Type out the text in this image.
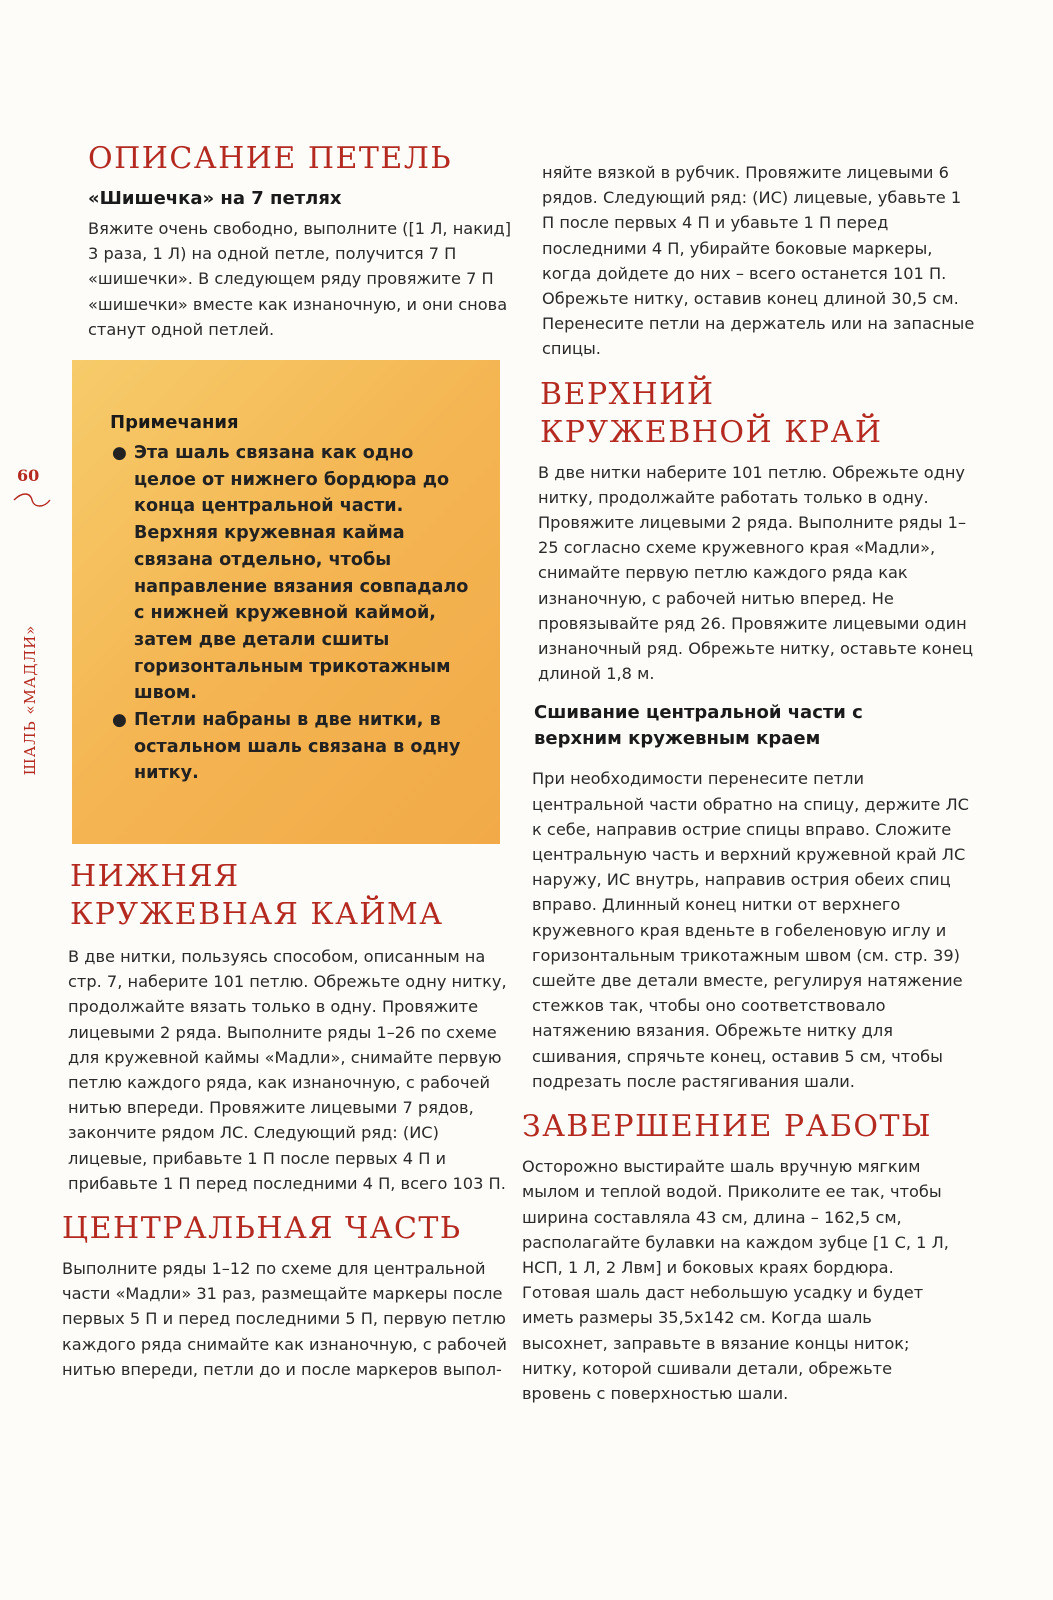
60
ШАЛЬ «МАДЛИ»
ОПИСАНИЕ ПЕТЕЛЬ
«Шишечка» на 7 петлях

Вяжите очень свободно, выполните ([1 Л, накид] 3 раза, 1 Л) на одной петле, получится 7 П «шишечки». В следующем ряду провяжите 7 П «шишечки» вместе как изнаночную, и они снова станут одной петлей.

Примечания
● Эта шаль связана как одно целое от нижнего бордюра до конца центральной части. Верхняя кружевная кайма связана отдельно, чтобы направление вязания совпадало с нижней кружевной каймой, затем две детали сшиты горизонтальным трикотажным швом.
● Петли набраны в две нитки, в остальном шаль связана в одну нитку.
НИЖНЯЯ КРУЖЕВНАЯ КАЙМА

В две нитки, пользуясь способом, описанным на стр. 7, наберите 101 петлю. Обрежьте одну нитку, продолжайте вязать только в одну. Провяжите лицевыми 2 ряда. Выполните ряды 1–26 по схеме для кружевной каймы «Мадли», снимайте первую петлю каждого ряда, как изнаночную, с рабочей нитью впереди. Провяжите лицевыми 7 рядов, закончите рядом ЛС. Следующий ряд: (ИС) лицевые, прибавьте 1 П после первых 4 П и прибавьте 1 П перед последними 4 П, всего 103 П.

ЦЕНТРАЛЬНАЯ ЧАСТЬ

Выполните ряды 1–12 по схеме для центральной части «Мадли» 31 раз, размещайте маркеры после первых 5 П и перед последними 5 П, первую петлю каждого ряда снимайте как изнаночную, с рабочей нитью впереди, петли до и после маркеров выпол-

няйте вязкой в рубчик. Провяжите лицевыми 6 рядов. Следующий ряд: (ИС) лицевые, убавьте 1 П после первых 4 П и убавьте 1 П перед последними 4 П, убирайте боковые маркеры, когда дойдете до них – всего останется 101 П. Обрежьте нитку, оставив конец длиной 30,5 см. Перенесите петли на держатель или на запасные спицы.

ВЕРХНИЙ КРУЖЕВНОЙ КРАЙ

В две нитки наберите 101 петлю. Обрежьте одну нитку, продолжайте работать только в одну. Провяжите лицевыми 2 ряда. Выполните ряды 1–25 согласно схеме кружевного края «Мадли», снимайте первую петлю каждого ряда как изнаночную, с рабочей нитью вперед. Не провязывайте ряд 26. Провяжите лицевыми один изнаночный ряд. Обрежьте нитку, оставьте конец длиной 1,8 м.

Сшивание центральной части с верхним кружевным краем

При необходимости перенесите петли центральной части обратно на спицу, держите ЛС к себе, направив острие спицы вправо. Сложите центральную часть и верхний кружевной край ЛС наружу, ИС внутрь, направив острия обеих спиц вправо. Длинный конец нитки от верхнего кружевного края вденьте в гобеленовую иглу и горизонтальным трикотажным швом (см. стр. 39) сшейте две детали вместе, регулируя натяжение стежков так, чтобы оно соответствовало натяжению вязания. Обрежьте нитку для сшивания, спрячьте конец, оставив 5 см, чтобы подрезать после растягивания шали.

ЗАВЕРШЕНИЕ РАБОТЫ

Осторожно выстирайте шаль вручную мягким мылом и теплой водой. Приколите ее так, чтобы ширина составляла 43 см, длина – 162,5 см, располагайте булавки на каждом зубце [1 С, 1 Л, НСП, 1 Л, 2 Лвм] и боковых краях бордюра. Готовая шаль даст небольшую усадку и будет иметь размеры 35,5х142 см. Когда шаль высохнет, заправьте в вязание концы ниток; нитку, которой сшивали детали, обрежьте вровень с поверхностью шали.
